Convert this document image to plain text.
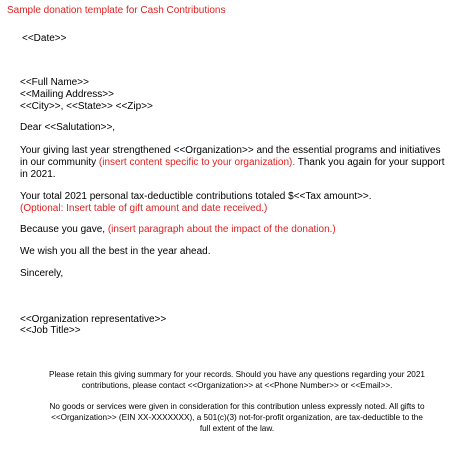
Sample donation template for Cash Contributions
<<Date>>
<<Full Name>>
<<Mailing Address>>
<<City>>, <<State>> <<Zip>>
Dear <<Salutation>>,
Your giving last year strengthened <<Organization>> and the essential programs and initiatives
in our community (insert content specific to your organization). Thank you again for your support
in 2021.
Your total 2021 personal tax-deductible contributions totaled $<<Tax amount>>.
(Optional: Insert table of gift amount and date received.)
Because you gave, (insert paragraph about the impact of the donation.)
We wish you all the best in the year ahead.
Sincerely,
<<Organization representative>>
<<Job Title>>
Please retain this giving summary for your records. Should you have any questions regarding your 2021
contributions, please contact <<Organization>> at <<Phone Number>> or <<Email>>.
No goods or services were given in consideration for this contribution unless expressly noted. All gifts to
<<Organization>> (EIN XX-XXXXXXX), a 501(c)(3) not-for-profit organization, are tax-deductible to the
full extent of the law.
